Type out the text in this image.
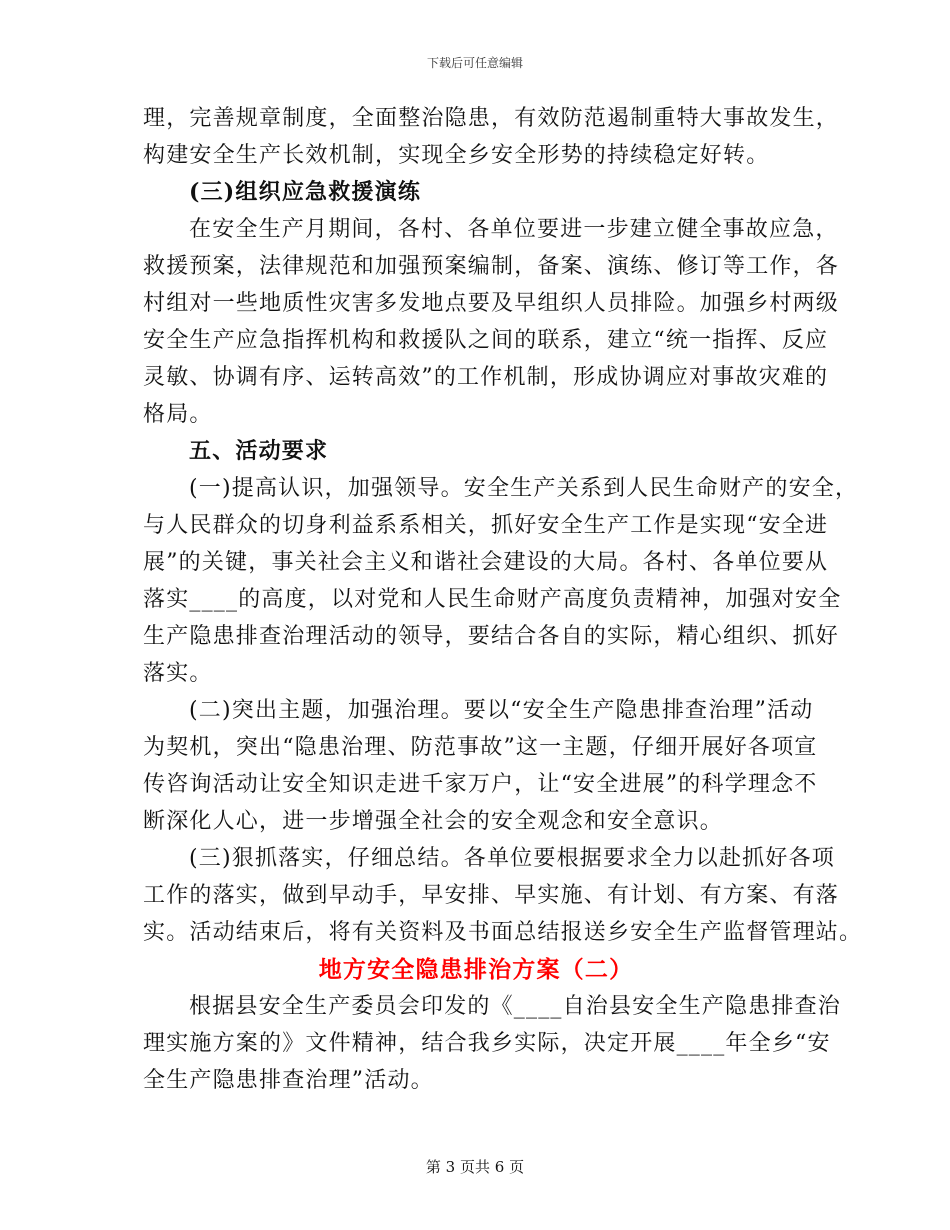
下载后可任意编辑
理，完善规章制度，全面整治隐患，有效防范遏制重特大事故发生，
构建安全生产长效机制，实现全乡安全形势的持续稳定好转。
(三)组织应急救援演练
在安全生产月期间，各村、各单位要进一步建立健全事故应急，
救援预案，法律规范和加强预案编制，备案、演练、修订等工作，各
村组对一些地质性灾害多发地点要及早组织人员排险。加强乡村两级
安全生产应急指挥机构和救援队之间的联系，建立“统一指挥、反应
灵敏、协调有序、运转高效”的工作机制，形成协调应对事故灾难的
格局。
五、活动要求
(一)提高认识，加强领导。安全生产关系到人民生命财产的安全，
与人民群众的切身利益系系相关，抓好安全生产工作是实现“安全进
展”的关键，事关社会主义和谐社会建设的大局。各村、各单位要从
落实____的高度，以对党和人民生命财产高度负责精神，加强对安全
生产隐患排查治理活动的领导，要结合各自的实际，精心组织、抓好
落实。
(二)突出主题，加强治理。要以“安全生产隐患排查治理”活动
为契机，突出“隐患治理、防范事故”这一主题，仔细开展好各项宣
传咨询活动让安全知识走进千家万户，让“安全进展”的科学理念不
断深化人心，进一步增强全社会的安全观念和安全意识。
(三)狠抓落实，仔细总结。各单位要根据要求全力以赴抓好各项
工作的落实，做到早动手，早安排、早实施、有计划、有方案、有落
实。活动结束后，将有关资料及书面总结报送乡安全生产监督管理站。
地方安全隐患排治方案（二）
根据县安全生产委员会印发的《____自治县安全生产隐患排查治
理实施方案的》文件精神，结合我乡实际，决定开展____年全乡“安
全生产隐患排查治理”活动。
第 3 页共 6 页
